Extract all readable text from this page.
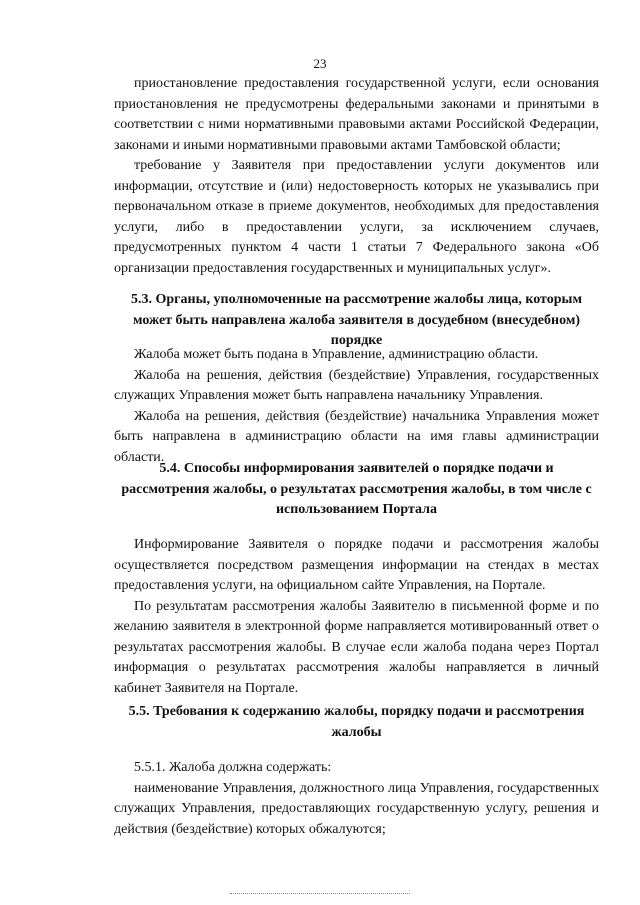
23

приостановление предоставления государственной услуги, если основания приостановления не предусмотрены федеральными законами и принятыми в соответствии с ними нормативными правовыми актами Российской Федерации, законами и иными нормативными правовыми актами Тамбовской области;

требование у Заявителя при предоставлении услуги документов или информации, отсутствие и (или) недостоверность которых не указывались при первоначальном отказе в приеме документов, необходимых для предоставления услуги, либо в предоставлении услуги, за исключением случаев, предусмотренных пунктом 4 части 1 статьи 7 Федерального закона «Об организации предоставления государственных и муниципальных услуг».

5.3. Органы, уполномоченные на рассмотрение жалобы лица, которым может быть направлена жалоба заявителя в досудебном (внесудебном) порядке

Жалоба может быть подана в Управление, администрацию области.

Жалоба на решения, действия (бездействие) Управления, государственных служащих Управления может быть направлена начальнику Управления.

Жалоба на решения, действия (бездействие) начальника Управления может быть направлена в администрацию области на имя главы администрации области.

5.4. Способы информирования заявителей о порядке подачи и рассмотрения жалобы, о результатах рассмотрения жалобы, в том числе с использованием Портала

Информирование Заявителя о порядке подачи и рассмотрения жалобы осуществляется посредством размещения информации на стендах в местах предоставления услуги, на официальном сайте Управления, на Портале.

По результатам рассмотрения жалобы Заявителю в письменной форме и по желанию заявителя в электронной форме направляется мотивированный ответ о результатах рассмотрения жалобы. В случае если жалоба подана через Портал информация о результатах рассмотрения жалобы направляется в личный кабинет Заявителя на Портале.

5.5. Требования к содержанию жалобы, порядку подачи и рассмотрения жалобы

5.5.1. Жалоба должна содержать:

наименование Управления, должностного лица Управления, государственных служащих Управления, предоставляющих государственную услугу, решения и действия (бездействие) которых обжалуются;
